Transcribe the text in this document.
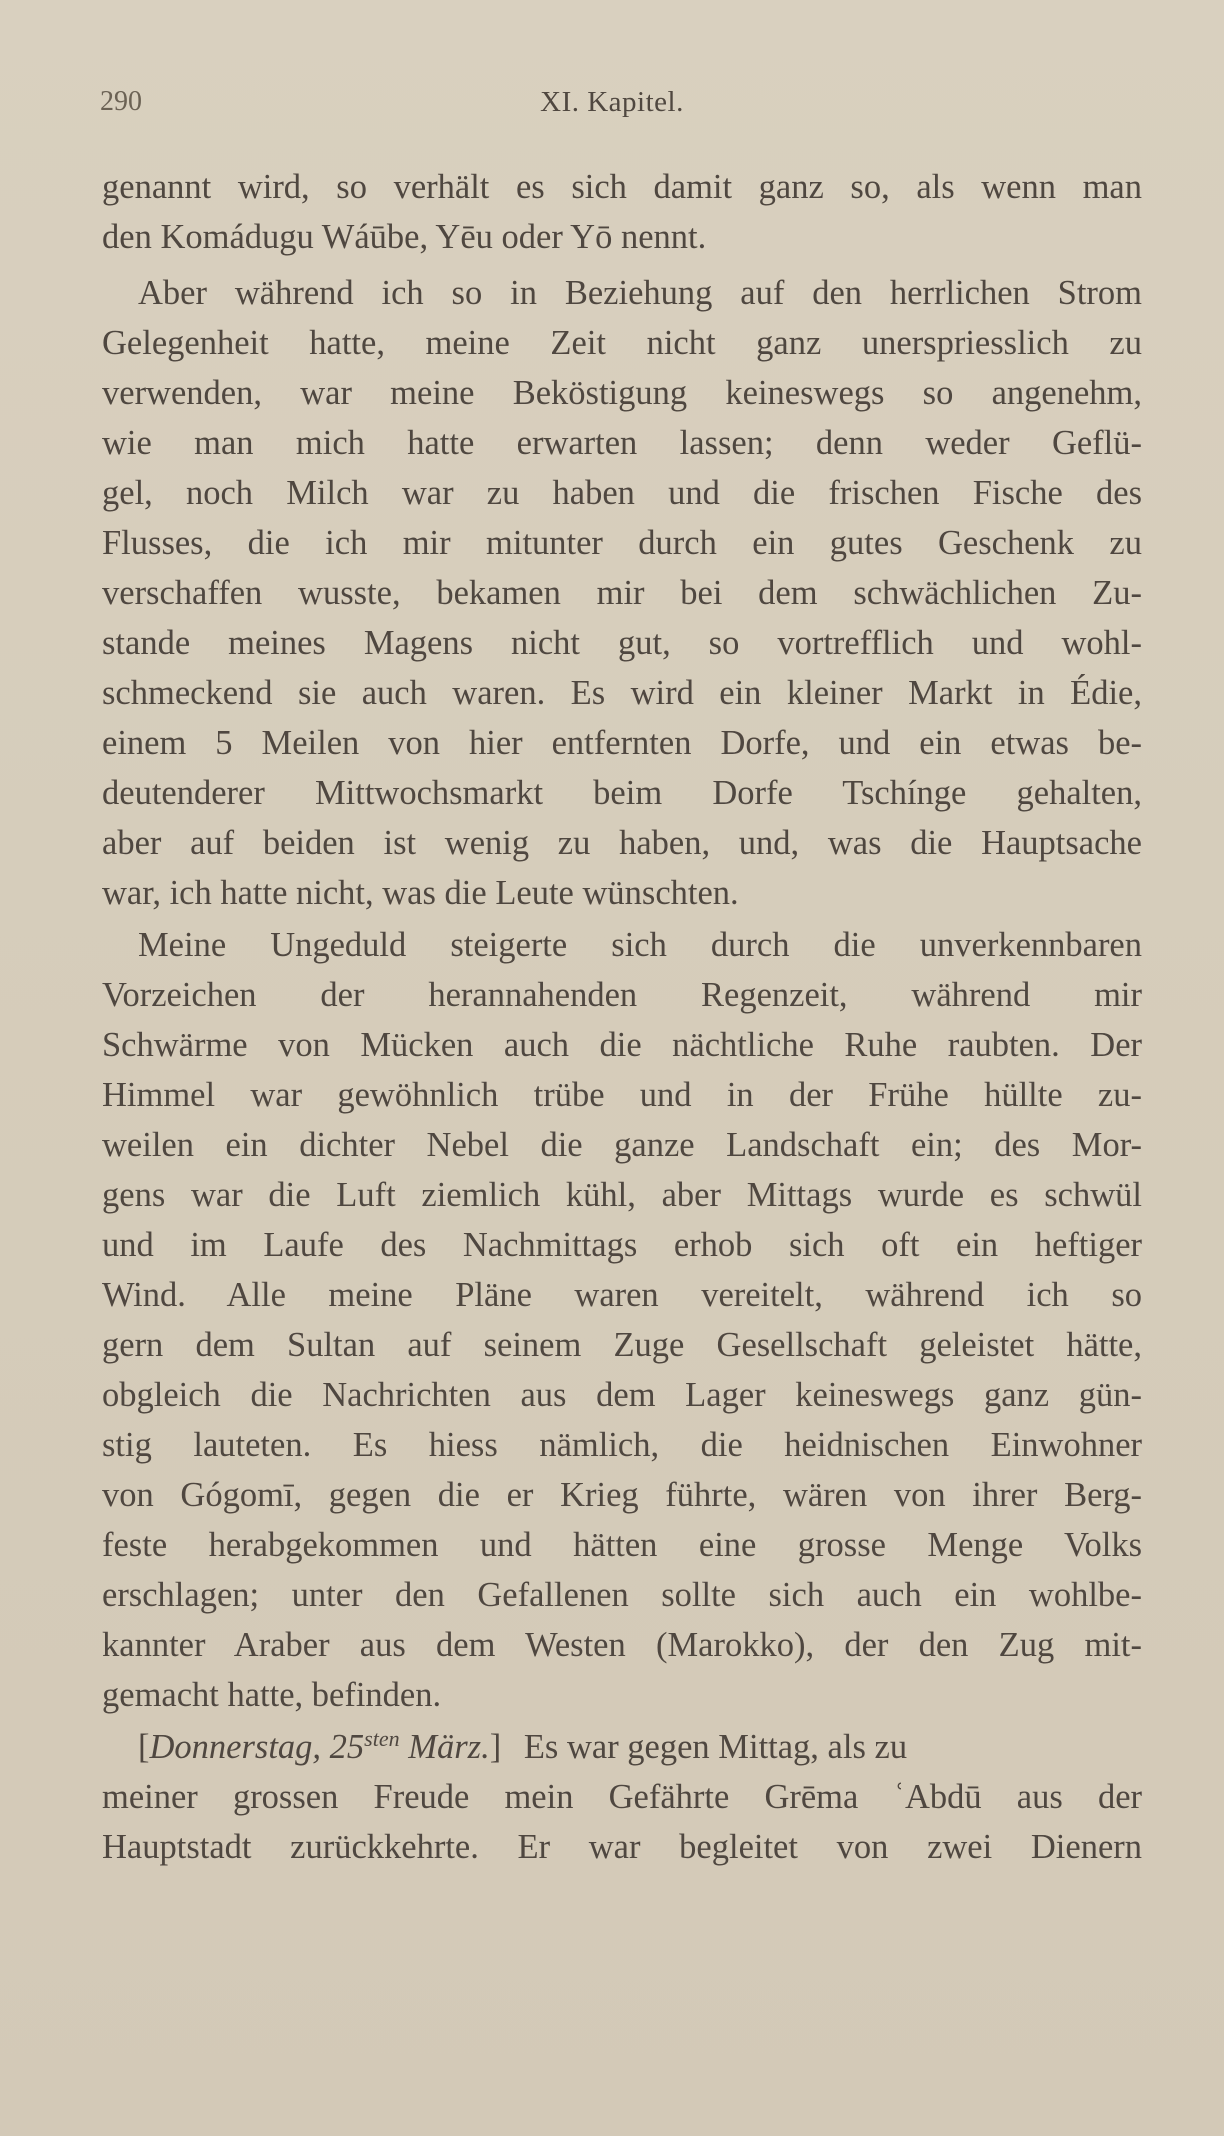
290	XI. Kapitel.
genannt wird, so verhält es sich damit ganz so, als wenn man
den Komádugu Wáūbe, Yēu oder Yō nennt.
Aber während ich so in Beziehung auf den herrlichen Strom
Gelegenheit hatte, meine Zeit nicht ganz unerspriesslich zu
verwenden, war meine Beköstigung keineswegs so angenehm,
wie man mich hatte erwarten lassen; denn weder Geflü-
gel, noch Milch war zu haben und die frischen Fische des
Flusses, die ich mir mitunter durch ein gutes Geschenk zu
verschaffen wusste, bekamen mir bei dem schwächlichen Zu-
stande meines Magens nicht gut, so vortrefflich und wohl-
schmeckend sie auch waren. Es wird ein kleiner Markt in Édie,
einem 5 Meilen von hier entfernten Dorfe, und ein etwas be-
deutenderer Mittwochsmarkt beim Dorfe Tschínge gehalten,
aber auf beiden ist wenig zu haben, und, was die Hauptsache
war, ich hatte nicht, was die Leute wünschten.
Meine Ungeduld steigerte sich durch die unverkennbaren
Vorzeichen der herannahenden Regenzeit, während mir
Schwärme von Mücken auch die nächtliche Ruhe raubten. Der
Himmel war gewöhnlich trübe und in der Frühe hüllte zu-
weilen ein dichter Nebel die ganze Landschaft ein; des Mor-
gens war die Luft ziemlich kühl, aber Mittags wurde es schwül
und im Laufe des Nachmittags erhob sich oft ein heftiger
Wind. Alle meine Pläne waren vereitelt, während ich so
gern dem Sultan auf seinem Zuge Gesellschaft geleistet hätte,
obgleich die Nachrichten aus dem Lager keineswegs ganz gün-
stig lauteten. Es hiess nämlich, die heidnischen Einwohner
von Gógomī, gegen die er Krieg führte, wären von ihrer Berg-
feste herabgekommen und hätten eine grosse Menge Volks
erschlagen; unter den Gefallenen sollte sich auch ein wohlbe-
kannter Araber aus dem Westen (Marokko), der den Zug mit-
gemacht hatte, befinden.
[Donnerstag, $25^{sten}$ März.] Es war gegen Mittag, als zu
meiner grossen Freude mein Gefährte Grēma ʿAbdū aus der
Hauptstadt zurückkehrte. Er war begleitet von zwei Dienern
